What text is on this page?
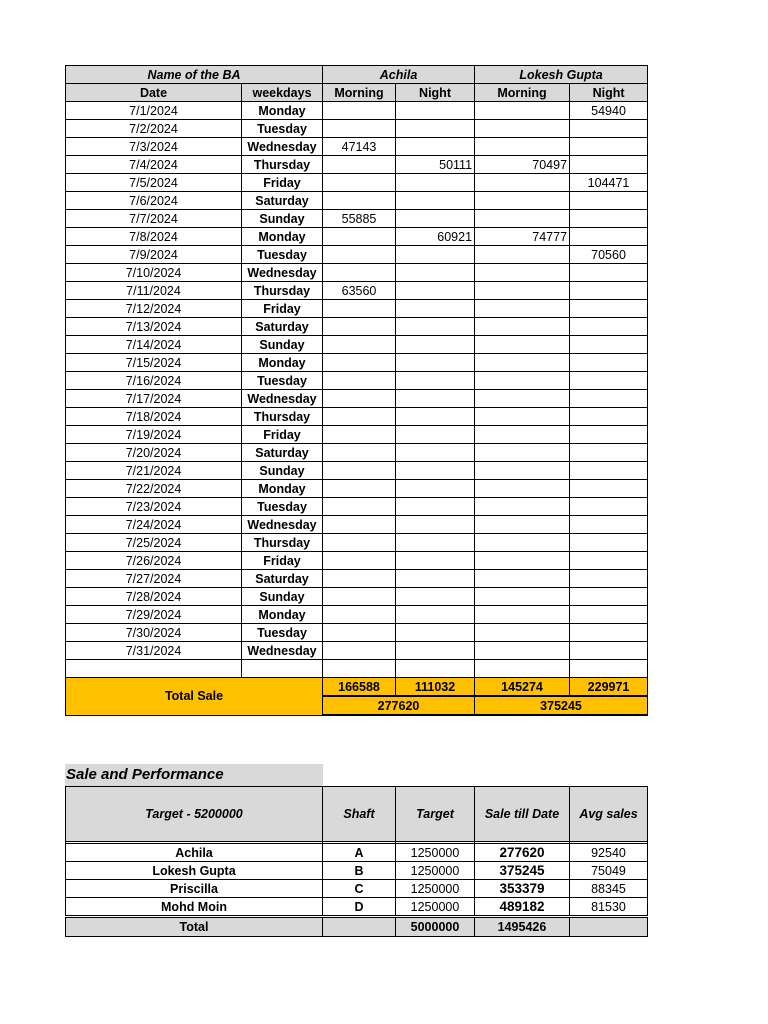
Name of the BA		Achila		Lokesh Gupta	
Date	weekdays	Morning	Night	Morning	Night
7/1/2024	Monday				54940
7/2/2024	Tuesday				
7/3/2024	Wednesday	47143			
7/4/2024	Thursday		50111	70497	
7/5/2024	Friday				104471
7/6/2024	Saturday				
7/7/2024	Sunday	55885			
7/8/2024	Monday		60921	74777	
7/9/2024	Tuesday				70560
7/10/2024	Wednesday				
7/11/2024	Thursday	63560			
7/12/2024	Friday				
7/13/2024	Saturday				
7/14/2024	Sunday				
7/15/2024	Monday				
7/16/2024	Tuesday				
7/17/2024	Wednesday				
7/18/2024	Thursday				
7/19/2024	Friday				
7/20/2024	Saturday				
7/21/2024	Sunday				
7/22/2024	Monday				
7/23/2024	Tuesday				
7/24/2024	Wednesday				
7/25/2024	Thursday				
7/26/2024	Friday				
7/27/2024	Saturday				
7/28/2024	Sunday				
7/29/2024	Monday				
7/30/2024	Tuesday				
7/31/2024	Wednesday				

Total Sale		166588	111032	145274	229971
		277620		375245	
Sale and Performance
Target - 5200000	Shaft	Target	Sale till Date	Avg sales

Achila	A	1250000	277620	92540
Lokesh Gupta	B	1250000	375245	75049
Priscilla	C	1250000	353379	88345
Mohd Moin	D	1250000	489182	81530
Total		5000000	1495426	
